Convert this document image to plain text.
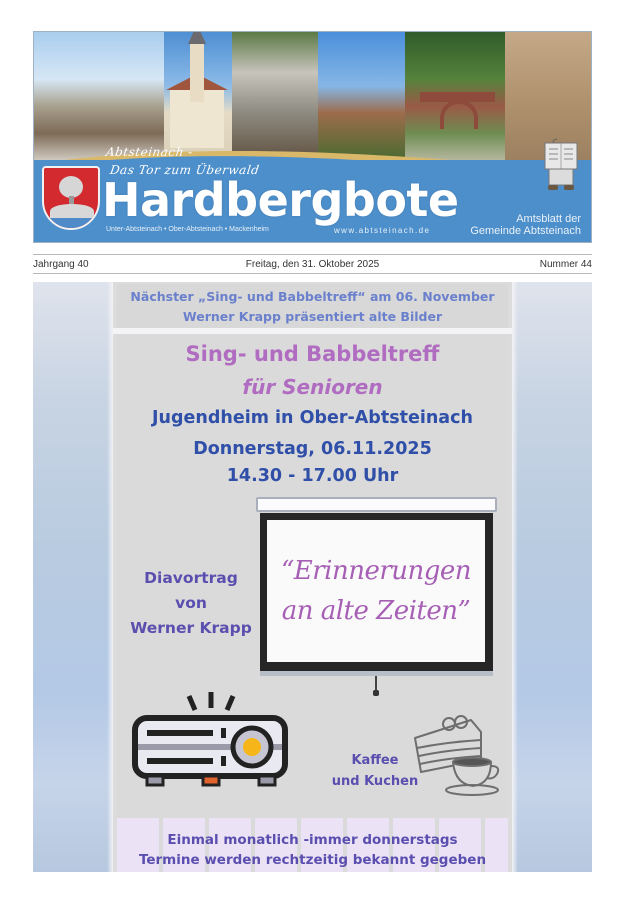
Abtsteinach -
Das Tor zum Überwald
Hardbergbote
Unter-Abtsteinach • Ober-Abtsteinach • Mackenheim	www.abtsteinach.de
Amtsblatt der
Gemeinde Abtsteinach
Jahrgang 40	Freitag, den 31. Oktober 2025	Nummer 44
Nächster „Sing- und Babbeltreff“ am 06. November
Werner Krapp präsentiert alte Bilder
Sing- und Babbeltreff
für Senioren
Jugendheim in Ober-Abtsteinach
Donnerstag, 06.11.2025
14.30 - 17.00 Uhr
“Erinnerungen
an alte Zeiten”
Diavortrag
von
Werner Krapp
Kaffee
und Kuchen
Einmal monatlich -immer donnerstags
Termine werden rechtzeitig bekannt gegeben
